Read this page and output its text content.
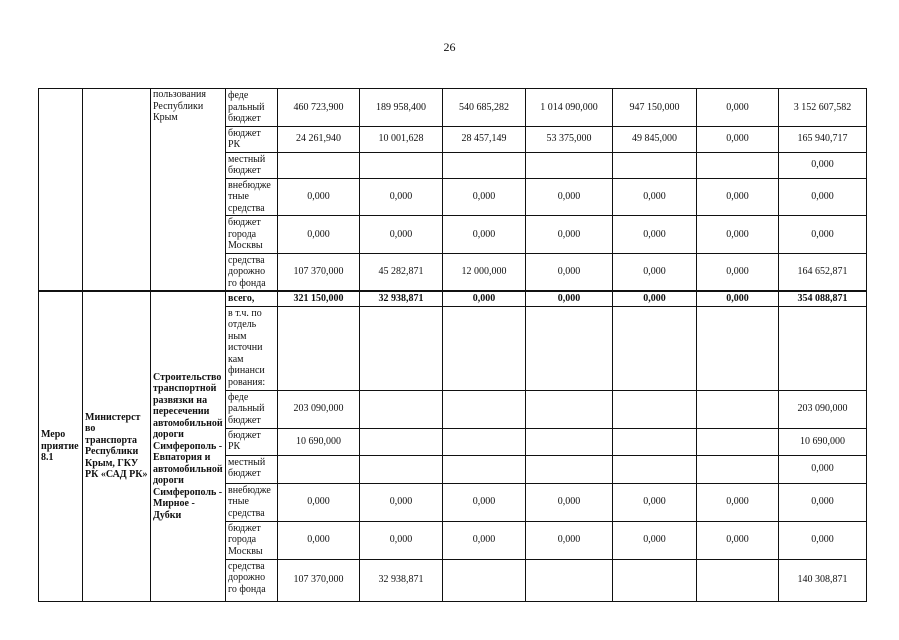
26
		пользования Республики Крым	феде ральный бюджет	460 723,900	189 958,400	540 685,282	1 014 090,000	947 150,000	0,000	3 152 607,582
			бюджет РК	24 261,940	10 001,628	28 457,149	53 375,000	49 845,000	0,000	165 940,717
			местный бюджет							0,000
			внебюдже тные средства	0,000	0,000	0,000	0,000	0,000	0,000	0,000
			бюджет города Москвы	0,000	0,000	0,000	0,000	0,000	0,000	0,000
			средства дорожно го фонда	107 370,000	45 282,871	12 000,000	0,000	0,000	0,000	164 652,871
Меро приятие 8.1	Министерст во транспорта Республики Крым, ГКУ РК «САД РК»	Строительство транспортной развязки на пересечении автомобильной дороги Симферополь - Евпатория и автомобильной дороги Симферополь - Мирное - Дубки	всего,	321 150,000	32 938,871	0,000	0,000	0,000	0,000	354 088,871
			в т.ч. по отдель ным источни кам финанси рования:							
			феде ральный бюджет	203 090,000						203 090,000
			бюджет РК	10 690,000						10 690,000
			местный бюджет							0,000
			внебюдже тные средства	0,000	0,000	0,000	0,000	0,000	0,000	0,000
			бюджет города Москвы	0,000	0,000	0,000	0,000	0,000	0,000	0,000
			средства дорожно го фонда	107 370,000	32 938,871					140 308,871
